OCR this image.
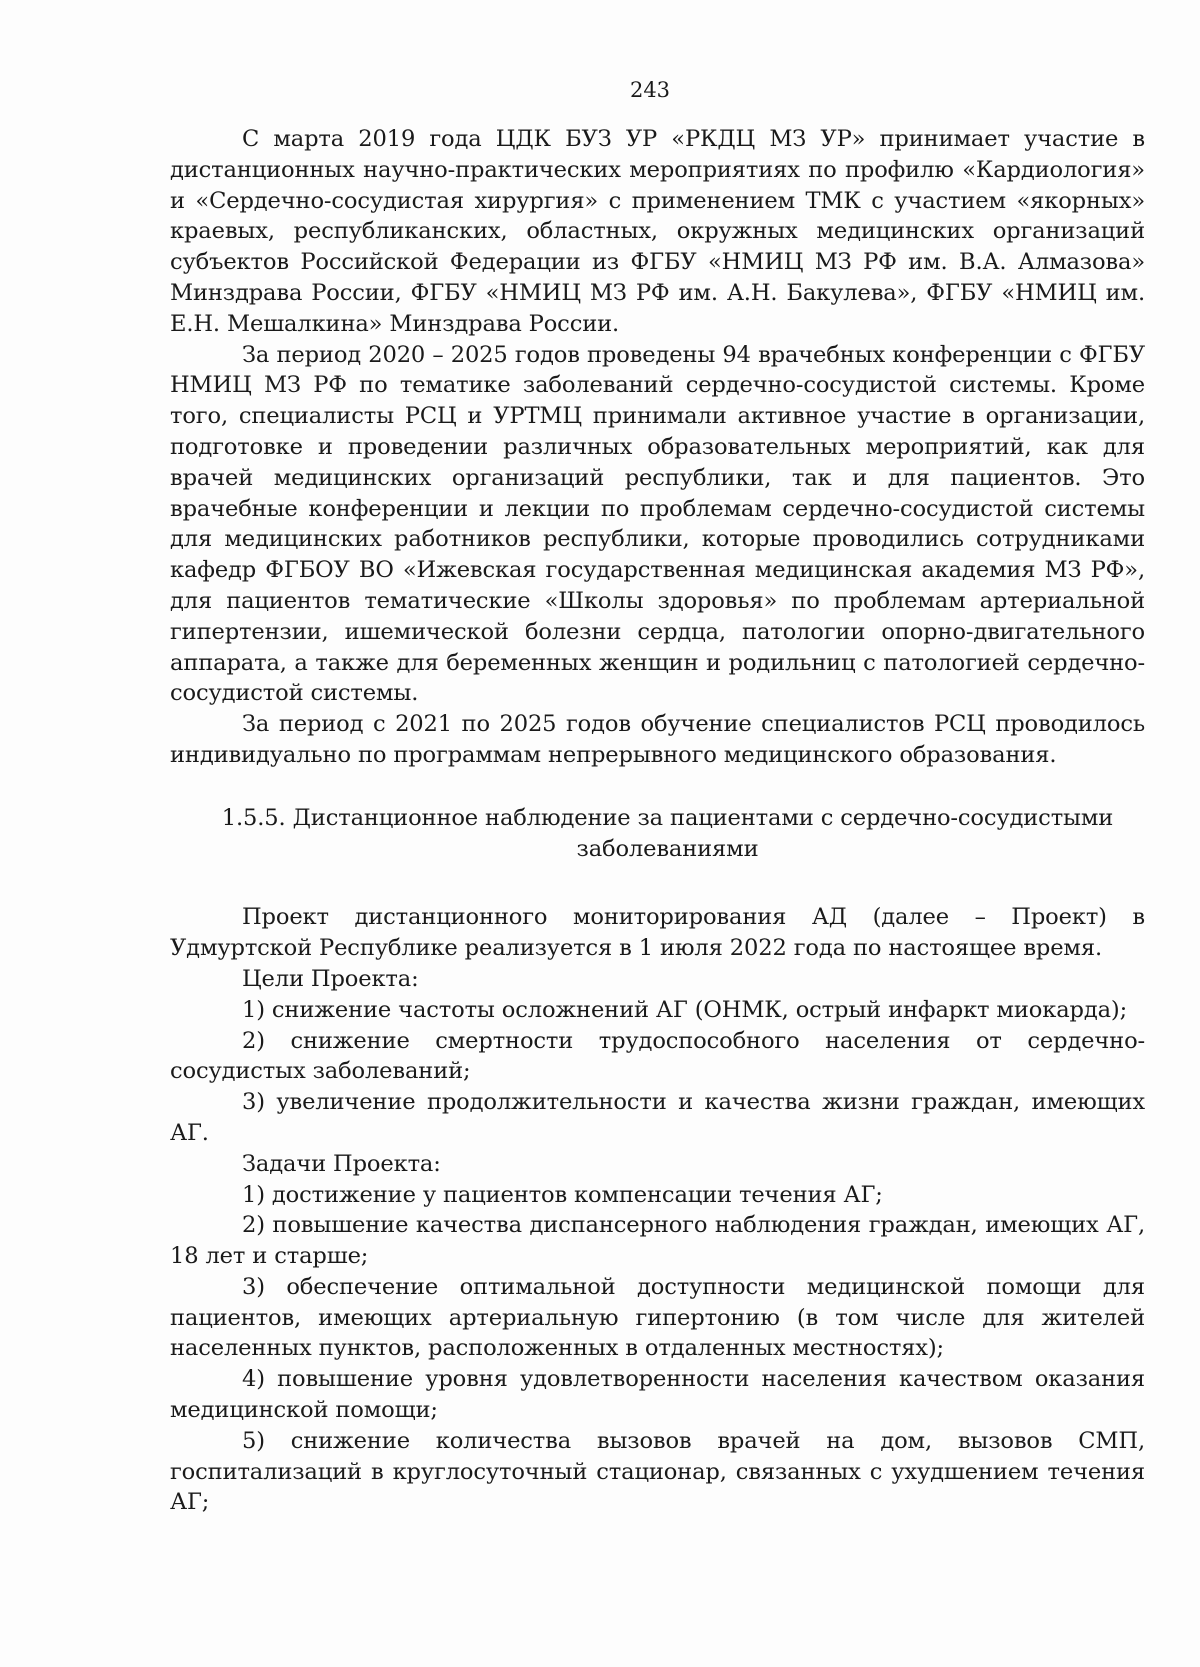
243

С марта 2019 года ЦДК БУЗ УР «РКДЦ МЗ УР» принимает участие в дистанционных научно-практических мероприятиях по профилю «Кардиология» и «Сердечно-сосудистая хирургия» с применением ТМК с участием «якорных» краевых, республиканских, областных, окружных медицинских организаций субъектов Российской Федерации из ФГБУ «НМИЦ МЗ РФ им. В.А. Алмазова» Минздрава России, ФГБУ «НМИЦ МЗ РФ им. А.Н. Бакулева», ФГБУ «НМИЦ им. Е.Н. Мешалкина» Минздрава России.

За период 2020 – 2025 годов проведены 94 врачебных конференции с ФГБУ НМИЦ МЗ РФ по тематике заболеваний сердечно-сосудистой системы. Кроме того, специалисты РСЦ и УРТМЦ принимали активное участие в организации, подготовке и проведении различных образовательных мероприятий, как для врачей медицинских организаций республики, так и для пациентов. Это врачебные конференции и лекции по проблемам сердечно-сосудистой системы для медицинских работников республики, которые проводились сотрудниками кафедр ФГБОУ ВО «Ижевская государственная медицинская академия МЗ РФ», для пациентов тематические «Школы здоровья» по проблемам артериальной гипертензии, ишемической болезни сердца, патологии опорно-двигательного аппарата, а также для беременных женщин и родильниц с патологией сердечно-сосудистой системы.

За период с 2021 по 2025 годов обучение специалистов РСЦ проводилось индивидуально по программам непрерывного медицинского образования.

1.5.5. Дистанционное наблюдение за пациентами с сердечно-сосудистыми заболеваниями

Проект дистанционного мониторирования АД (далее – Проект) в Удмуртской Республике реализуется в 1 июля 2022 года по настоящее время.

Цели Проекта:

1) снижение частоты осложнений АГ (ОНМК, острый инфаркт миокарда);

2) снижение смертности трудоспособного населения от сердечно-сосудистых заболеваний;

3) увеличение продолжительности и качества жизни граждан, имеющих АГ.

Задачи Проекта:

1) достижение у пациентов компенсации течения АГ;

2) повышение качества диспансерного наблюдения граждан, имеющих АГ, 18 лет и старше;

3) обеспечение оптимальной доступности медицинской помощи для пациентов, имеющих артериальную гипертонию (в том числе для жителей населенных пунктов, расположенных в отдаленных местностях);

4) повышение уровня удовлетворенности населения качеством оказания медицинской помощи;

5) снижение количества вызовов врачей на дом, вызовов СМП, госпитализаций в круглосуточный стационар, связанных с ухудшением течения АГ;
